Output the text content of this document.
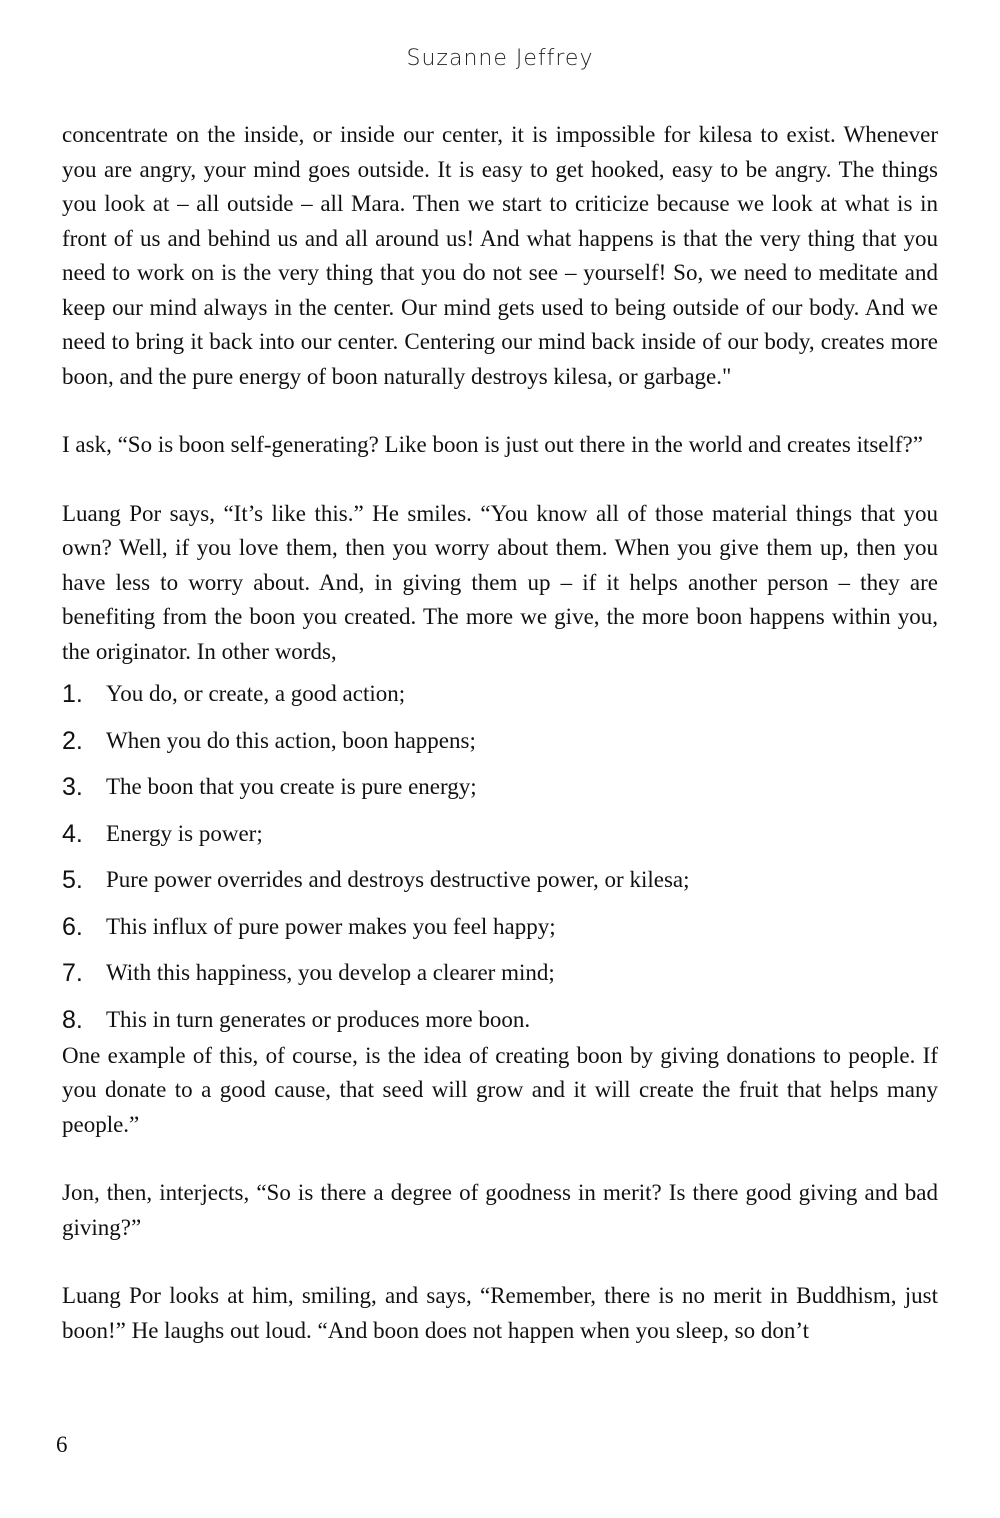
Suzanne Jeffrey

concentrate on the inside, or inside our center, it is impossible for kilesa to exist. Whenever you are angry, your mind goes outside. It is easy to get hooked, easy to be angry. The things you look at – all outside – all Mara. Then we start to criticize because we look at what is in front of us and behind us and all around us! And what happens is that the very thing that you need to work on is the very thing that you do not see – yourself! So, we need to meditate and keep our mind always in the center. Our mind gets used to being outside of our body. And we need to bring it back into our center. Centering our mind back inside of our body, creates more boon, and the pure energy of boon naturally destroys kilesa, or garbage."

I ask, “So is boon self-generating? Like boon is just out there in the world and creates itself?”

Luang Por says, “It’s like this.” He smiles. “You know all of those material things that you own? Well, if you love them, then you worry about them. When you give them up, then you have less to worry about. And, in giving them up – if it helps another person – they are benefiting from the boon you created. The more we give, the more boon happens within you, the originator. In other words,

1.	You do, or create, a good action;
2.	When you do this action, boon happens;
3.	The boon that you create is pure energy;
4.	Energy is power;
5.	Pure power overrides and destroys destructive power, or kilesa;
6.	This influx of pure power makes you feel happy;
7.	With this happiness, you develop a clearer mind;
8.	This in turn generates or produces more boon.

One example of this, of course, is the idea of creating boon by giving donations to people. If you donate to a good cause, that seed will grow and it will create the fruit that helps many people.”

Jon, then, interjects, “So is there a degree of goodness in merit? Is there good giving and bad giving?”

Luang Por looks at him, smiling, and says, “Remember, there is no merit in Buddhism, just boon!” He laughs out loud. “And boon does not happen when you sleep, so don’t

6
